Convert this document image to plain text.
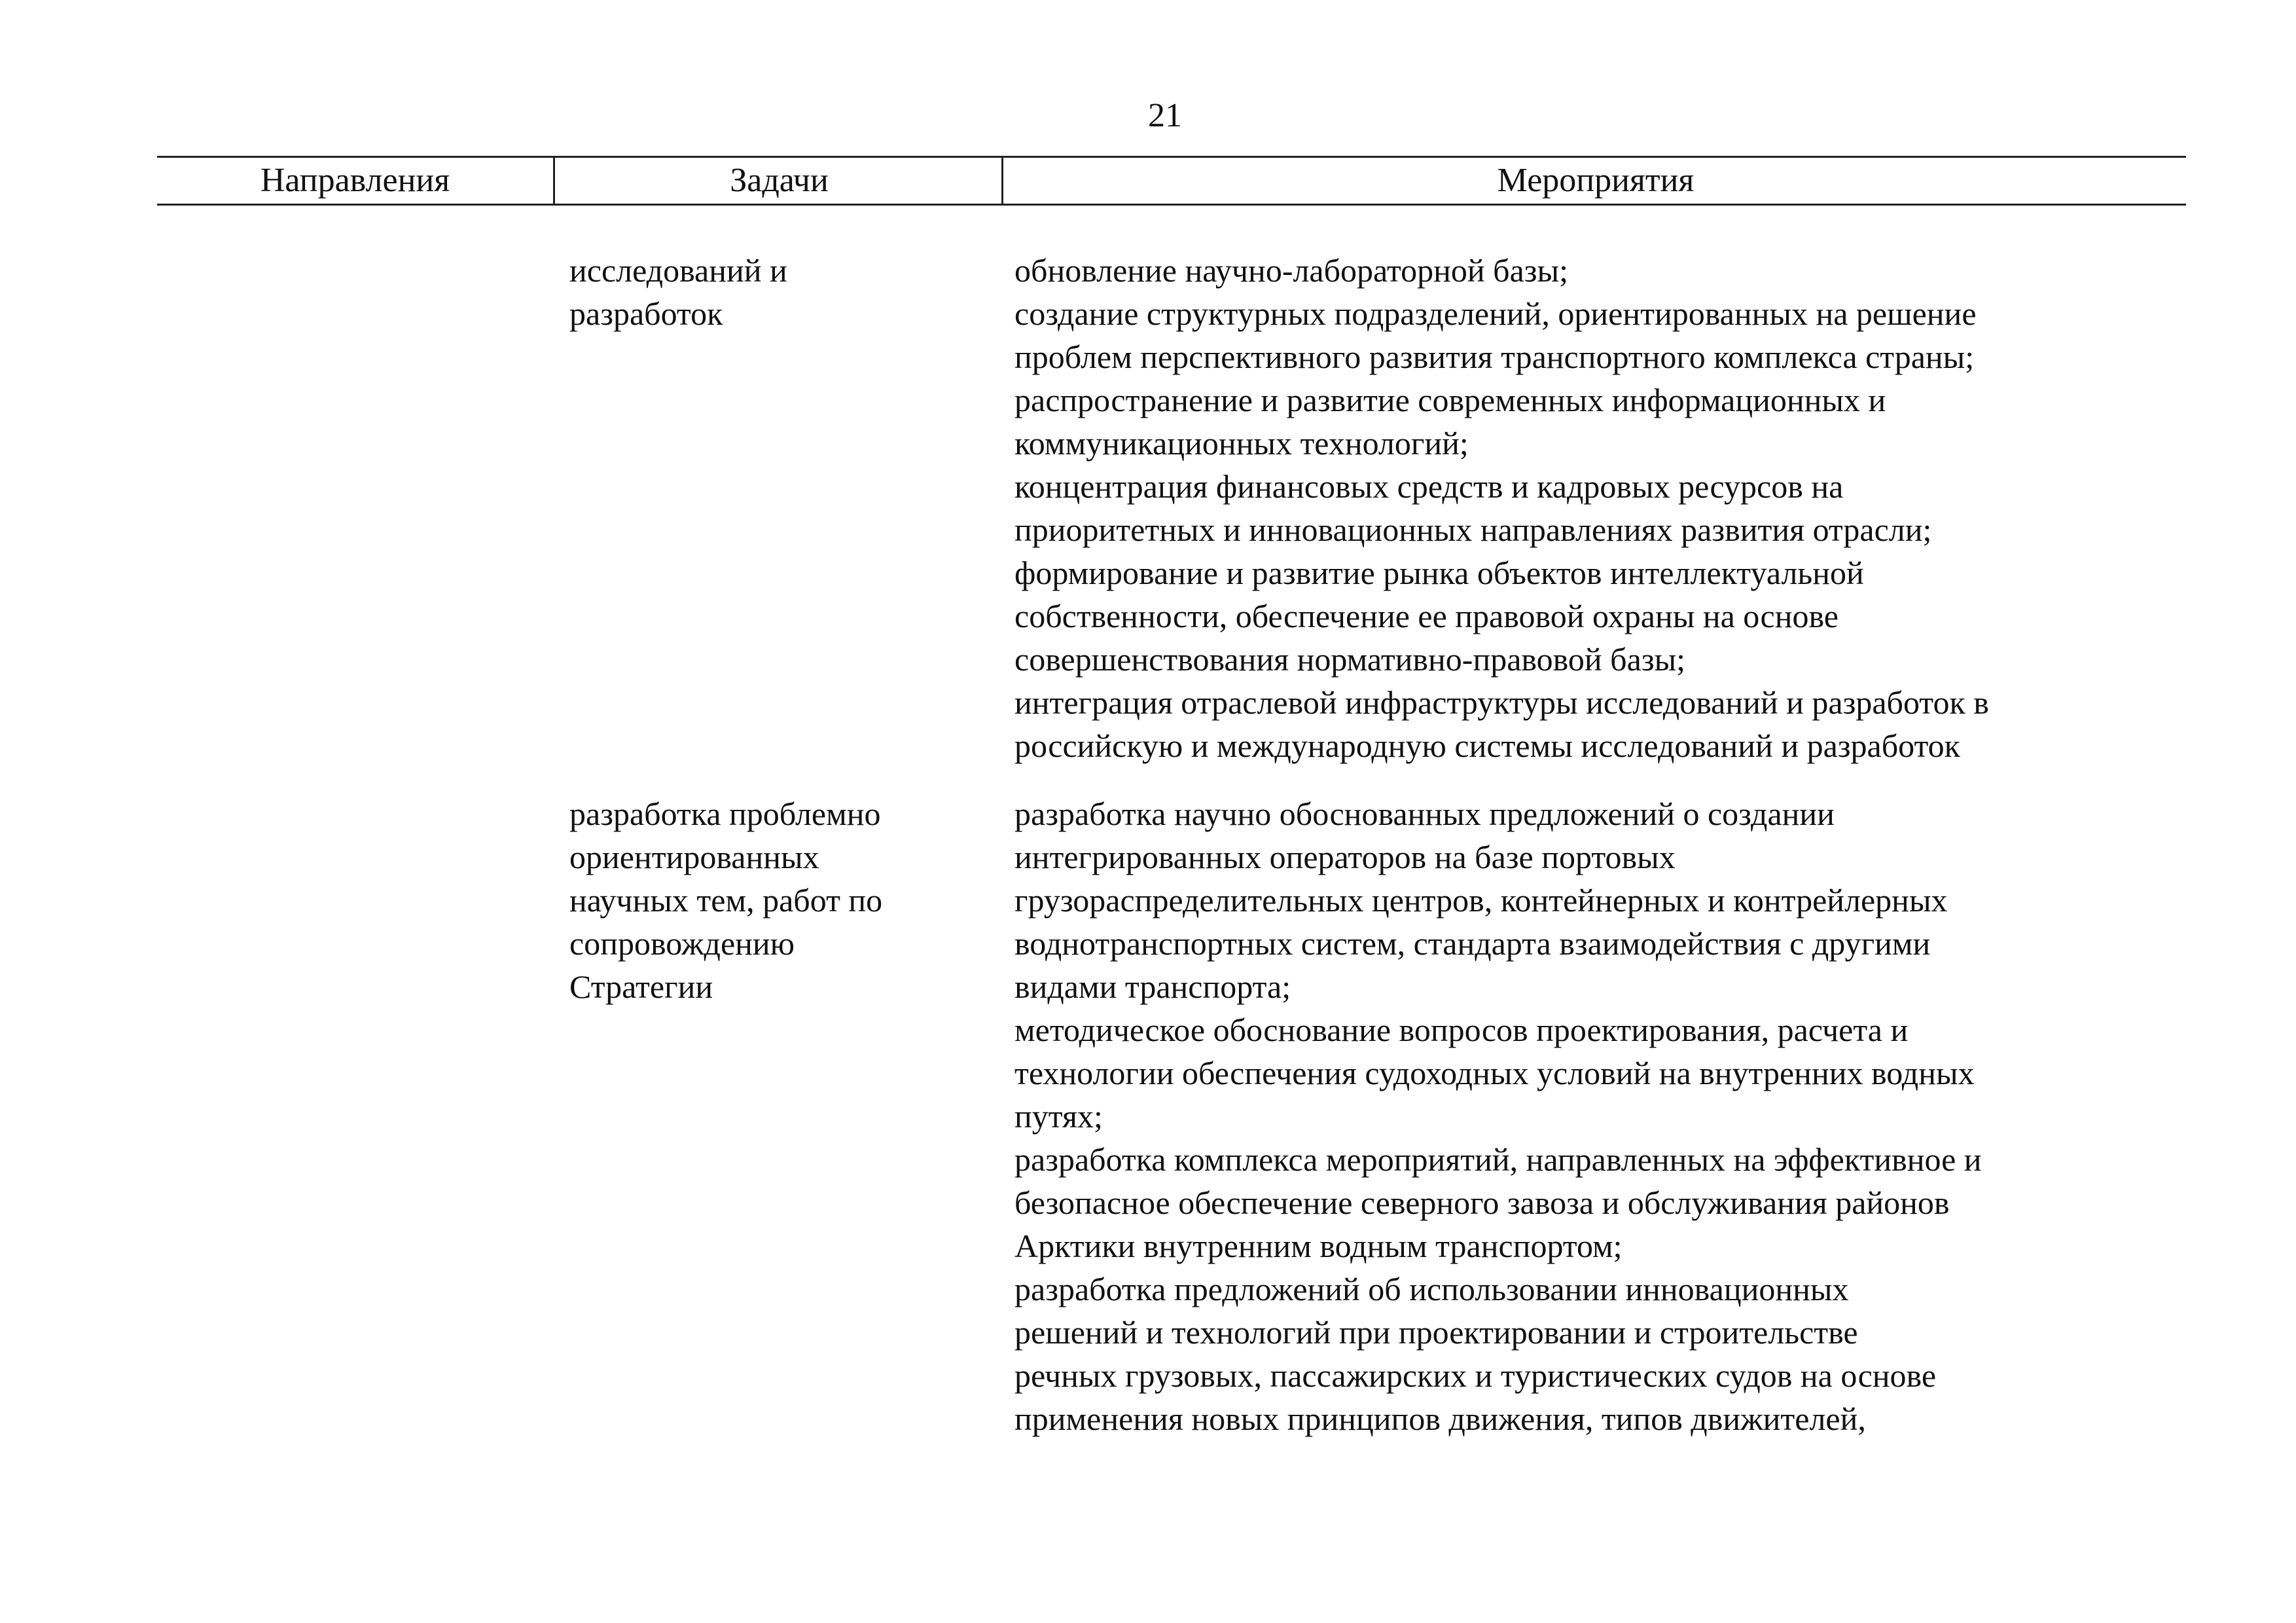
21
Направления	Задачи	Мероприятия
исследований и
разработок
обновление научно-лабораторной базы;
создание структурных подразделений, ориентированных на решение
проблем перспективного развития транспортного комплекса страны;
распространение и развитие современных информационных и
коммуникационных технологий;
концентрация финансовых средств и кадровых ресурсов на
приоритетных и инновационных направлениях развития отрасли;
формирование и развитие рынка объектов интеллектуальной
собственности, обеспечение ее правовой охраны на основе
совершенствования нормативно-правовой базы;
интеграция отраслевой инфраструктуры исследований и разработок в
российскую и международную системы исследований и разработок
разработка проблемно
ориентированных
научных тем, работ по
сопровождению
Стратегии
разработка научно обоснованных предложений о создании
интегрированных операторов на базе портовых
грузораспределительных центров, контейнерных и контрейлерных
воднотранспортных систем, стандарта взаимодействия с другими
видами транспорта;
методическое обоснование вопросов проектирования, расчета и
технологии обеспечения судоходных условий на внутренних водных
путях;
разработка комплекса мероприятий, направленных на эффективное и
безопасное обеспечение северного завоза и обслуживания районов
Арктики внутренним водным транспортом;
разработка предложений об использовании инновационных
решений и технологий при проектировании и строительстве
речных грузовых, пассажирских и туристических судов на основе
применения новых принципов движения, типов движителей,
